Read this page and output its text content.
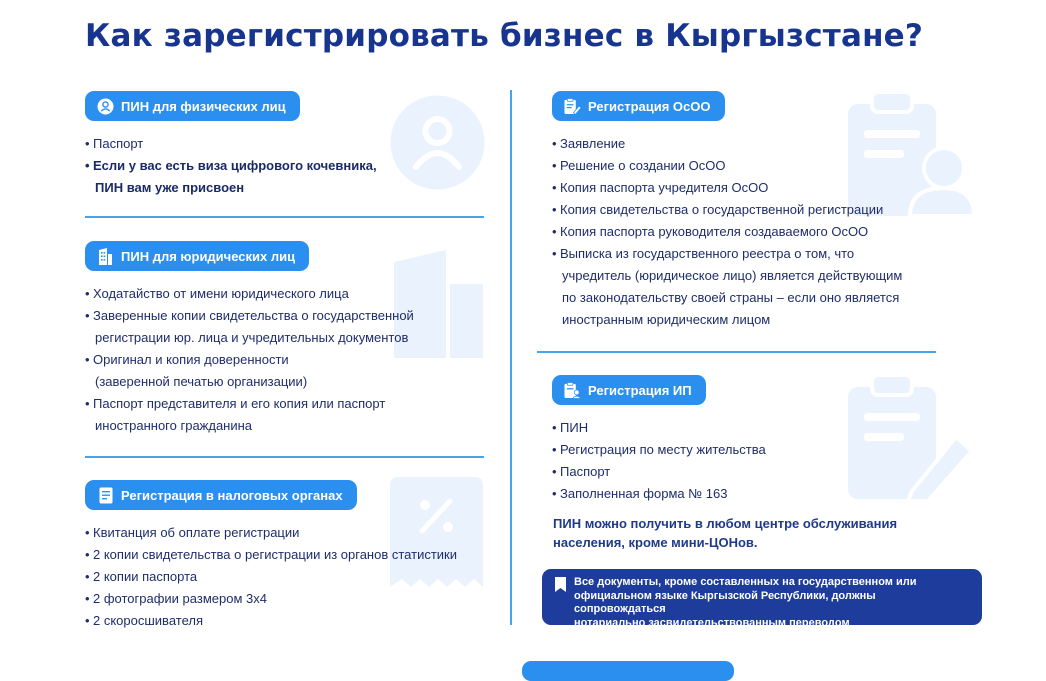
Как зарегистрировать бизнес в Кыргызстане?
ПИН для физических лиц
• Паспорт
• Если у вас есть виза цифрового кочевника,
ПИН вам уже присвоен
ПИН для юридических лиц
• Ходатайство от имени юридического лица
• Заверенные копии свидетельства о государственной
регистрации юр. лица и учредительных документов
• Оригинал и копия доверенности
(заверенной печатью организации)
• Паспорт представителя и его копия или паспорт
иностранного гражданина
Регистрация в налоговых органах
• Квитанция об оплате регистрации
• 2 копии свидетельства о регистрации из органов статистики
• 2 копии паспорта
• 2 фотографии размером 3х4
• 2 скоросшивателя
Регистрация ОсОО
• Заявление
• Решение о создании ОсОО
• Копия паспорта учредителя ОсОО
• Копия свидетельства о государственной регистрации
• Копия паспорта руководителя создаваемого ОсОО
• Выписка из государственного реестра о том, что
учредитель (юридическое лицо) является действующим
по законодательству своей страны – если оно является
иностранным юридическим лицом
Регистрация ИП
• ПИН
• Регистрация по месту жительства
• Паспорт
• Заполненная форма № 163
ПИН можно получить в любом центре обслуживания
населения, кроме мини-ЦОНов.
Все документы, кроме составленных на государственном или
официальном языке Кыргызской Республики, должны сопровождаться
нотариально засвидетельствованным переводом
